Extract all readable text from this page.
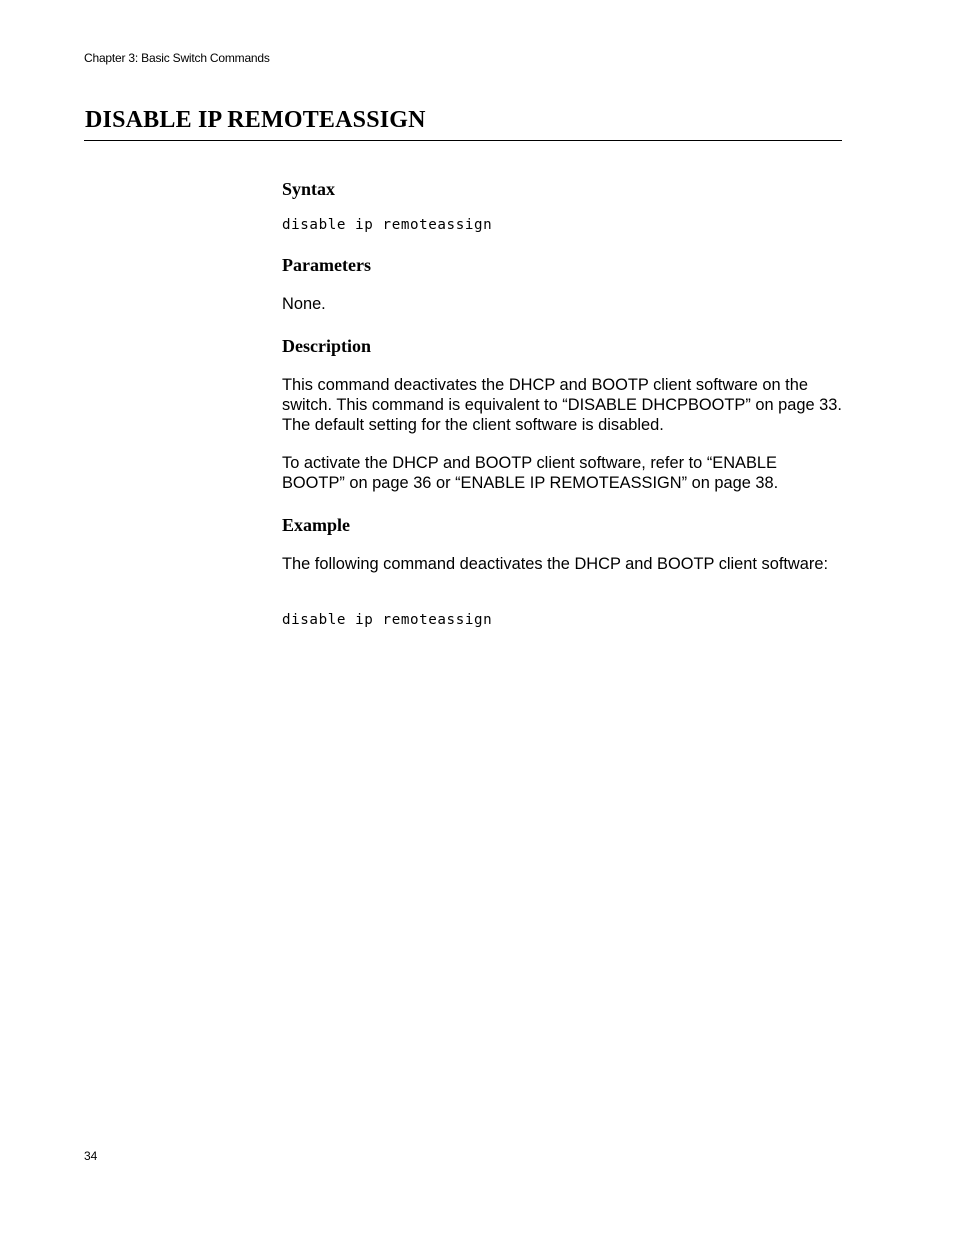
Chapter 3: Basic Switch Commands
DISABLE IP REMOTEASSIGN
Syntax
disable ip remoteassign
Parameters

None.

Description

This command deactivates the DHCP and BOOTP client software on the switch. This command is equivalent to “DISABLE DHCPBOOTP” on page 33. The default setting for the client software is disabled.

To activate the DHCP and BOOTP client software, refer to “ENABLE BOOTP” on page 36 or “ENABLE IP REMOTEASSIGN” on page 38.

Example

The following command deactivates the DHCP and BOOTP client software:

disable ip remoteassign
34
